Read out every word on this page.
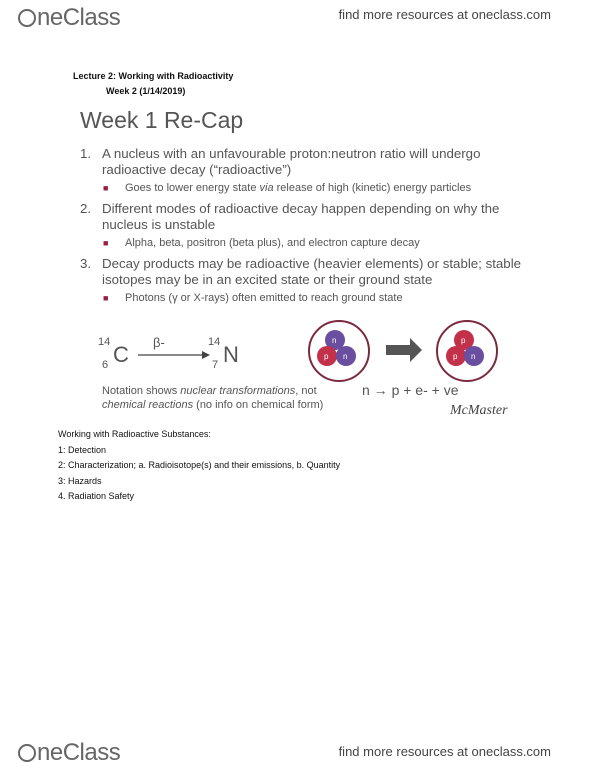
neClass	find more resources at oneclass.com
Lecture 2: Working with Radioactivity
Week 2 (1/14/2019)
Week 1 Re-Cap
1. A nucleus with an unfavourable proton:neutron ratio will undergo radioactive decay (“radioactive”)
■ Goes to lower energy state via release of high (kinetic) energy particles
2. Different modes of radioactive decay happen depending on why the nucleus is unstable
■ Alpha, beta, positron (beta plus), and electron capture decay
3. Decay products may be radioactive (heavier elements) or stable; stable isotopes may be in an excited state or their ground state
■ Photons (γ or X-rays) often emitted to reach ground state
14
6 C β-	14
7 N
n
p n
p
p n
Notation shows nuclear transformations, not chemical reactions (no info on chemical form)
n → p + e- + ve
McMaster
Working with Radioactive Substances:
1: Detection
2: Characterization; a. Radioisotope(s) and their emissions, b. Quantity
3: Hazards
4. Radiation Safety
neClass	find more resources at oneclass.com
